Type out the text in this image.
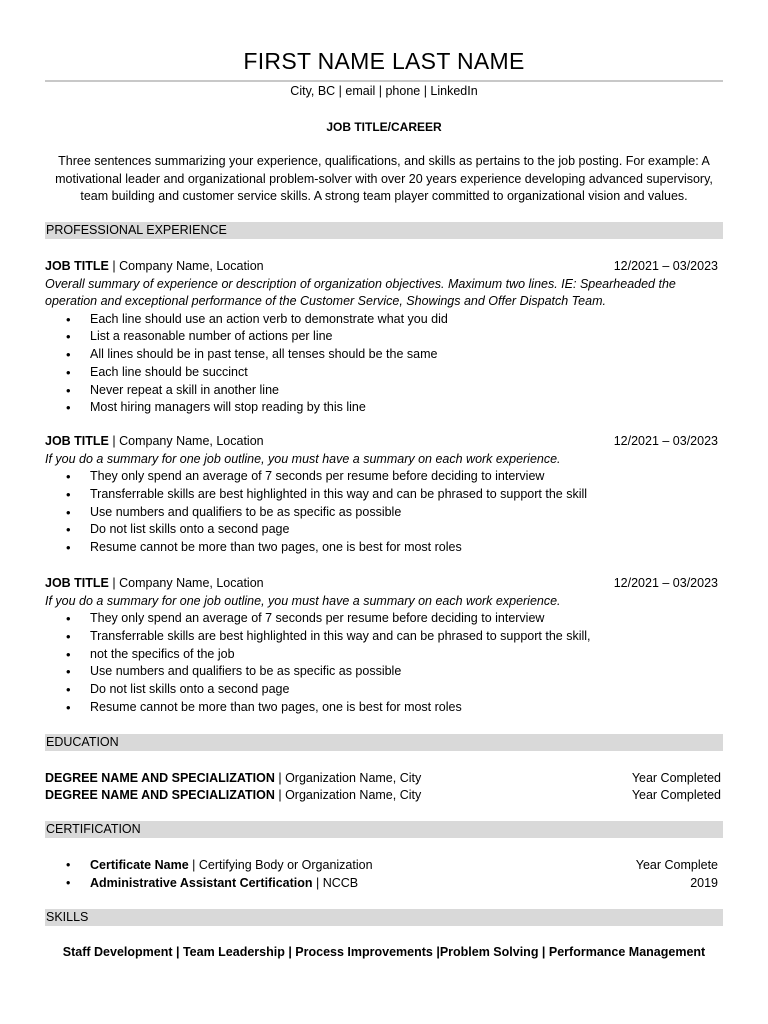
FIRST NAME LAST NAME
City, BC | email | phone | LinkedIn
JOB TITLE/CAREER
Three sentences summarizing your experience, qualifications, and skills as pertains to the job posting. For example: A
motivational leader and organizational problem-solver with over 20 years experience developing advanced supervisory,
team building and customer service skills. A strong team player committed to organizational vision and values.
PROFESSIONAL EXPERIENCE
JOB TITLE | Company Name, Location	12/2021 – 03/2023
Overall summary of experience or description of organization objectives. Maximum two lines. IE: Spearheaded the
operation and exceptional performance of the Customer Service, Showings and Offer Dispatch Team.
• Each line should use an action verb to demonstrate what you did
• List a reasonable number of actions per line
• All lines should be in past tense, all tenses should be the same
• Each line should be succinct
• Never repeat a skill in another line
• Most hiring managers will stop reading by this line
JOB TITLE | Company Name, Location	12/2021 – 03/2023
If you do a summary for one job outline, you must have a summary on each work experience.
• They only spend an average of 7 seconds per resume before deciding to interview
• Transferrable skills are best highlighted in this way and can be phrased to support the skill
• Use numbers and qualifiers to be as specific as possible
• Do not list skills onto a second page
• Resume cannot be more than two pages, one is best for most roles
JOB TITLE | Company Name, Location	12/2021 – 03/2023
If you do a summary for one job outline, you must have a summary on each work experience.
• They only spend an average of 7 seconds per resume before deciding to interview
• Transferrable skills are best highlighted in this way and can be phrased to support the skill,
• not the specifics of the job
• Use numbers and qualifiers to be as specific as possible
• Do not list skills onto a second page
• Resume cannot be more than two pages, one is best for most roles
EDUCATION
DEGREE NAME AND SPECIALIZATION | Organization Name, City	Year Completed
DEGREE NAME AND SPECIALIZATION | Organization Name, City	Year Completed
CERTIFICATION
• Certificate Name | Certifying Body or Organization	Year Complete
• Administrative Assistant Certification | NCCB	2019
SKILLS
Staff Development | Team Leadership | Process Improvements |Problem Solving | Performance Management
